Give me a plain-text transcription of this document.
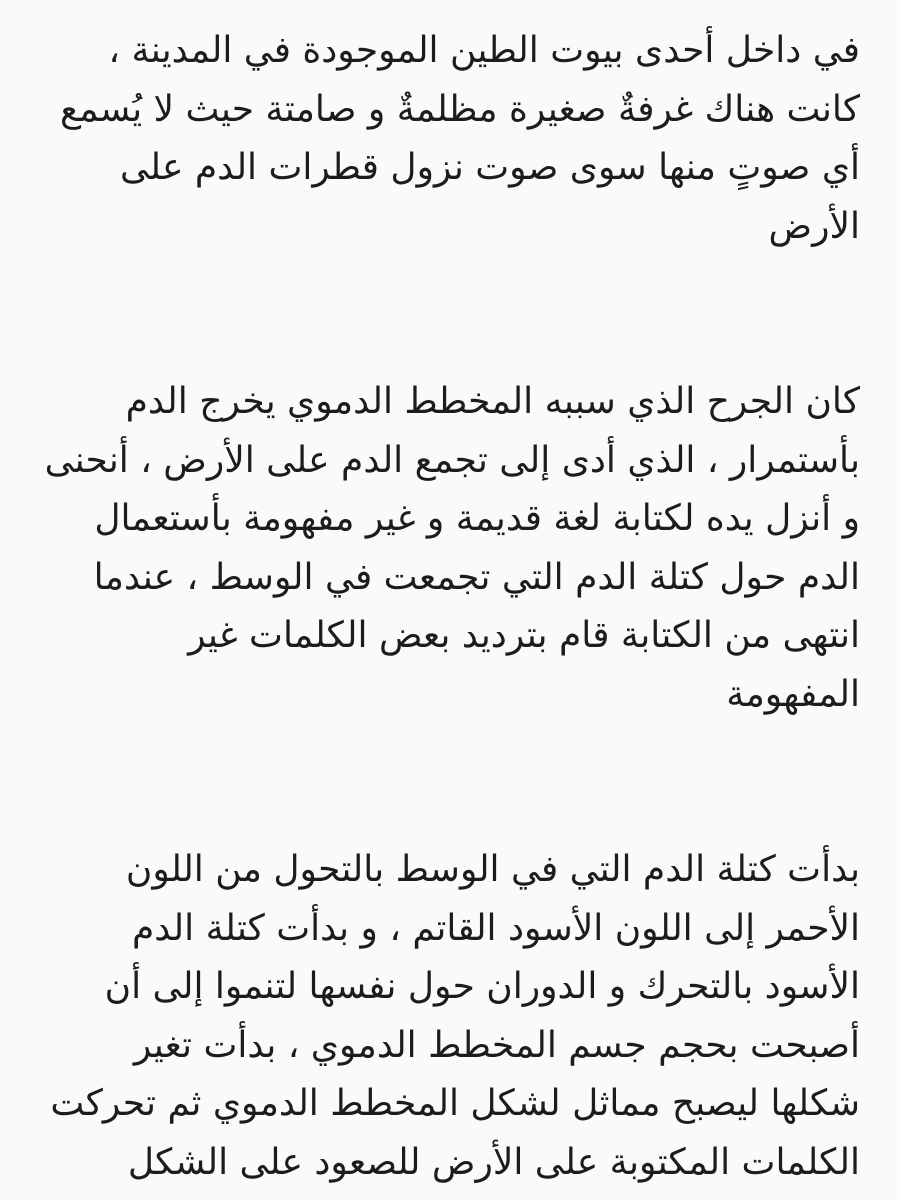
في داخل أحدى بيوت الطين الموجودة في المدينة ،
كانت هناك غرفةٌ صغيرة مظلمةٌ و صامتة حيث لا يُسمع
أي صوتٍ منها سوى صوت نزول قطرات الدم على
الأرض

كان الجرح الذي سببه المخطط الدموي يخرج الدم
بأستمرار ، الذي أدى إلى تجمع الدم على الأرض ، أنحنى
و أنزل يده لكتابة لغة قديمة و غير مفهومة بأستعمال
الدم حول كتلة الدم التي تجمعت في الوسط ، عندما
انتهى من الكتابة قام بترديد بعض الكلمات غير
المفهومة

بدأت كتلة الدم التي في الوسط بالتحول من اللون
الأحمر إلى اللون الأسود القاتم ، و بدأت كتلة الدم
الأسود بالتحرك و الدوران حول نفسها لتنموا إلى أن
أصبحت بحجم جسم المخطط الدموي ، بدأت تغير
شكلها ليصبح مماثل لشكل المخطط الدموي ثم تحركت
الكلمات المكتوبة على الأرض للصعود على الشكل
